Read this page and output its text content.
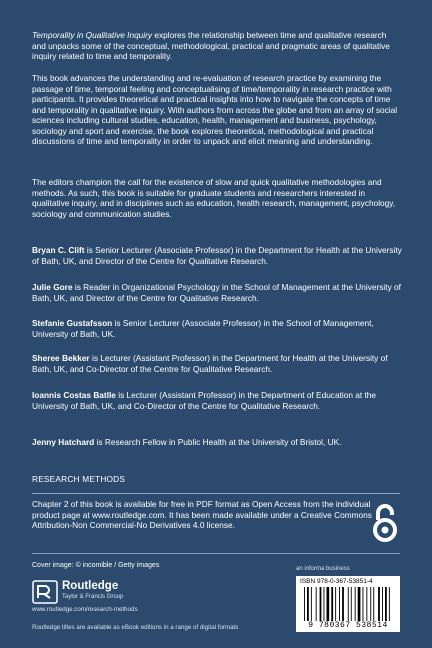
Temporality in Qualitative Inquiry explores the relationship between time and qualitative research and unpacks some of the conceptual, methodological, practical and pragmatic areas of qualitative inquiry related to time and temporality.

This book advances the understanding and re-evaluation of research practice by examining the passage of time, temporal feeling and conceptualising of time/temporality in research practice with participants. It provides theoretical and practical insights into how to navigate the concepts of time and temporality in qualitative inquiry. With authors from across the globe and from an array of social sciences including cultural studies, education, health, management and business, psychology, sociology and sport and exercise, the book explores theoretical, methodological and practical discussions of time and temporality in order to unpack and elicit meaning and understanding.

The editors champion the call for the existence of slow and quick qualitative methodologies and methods. As such, this book is suitable for graduate students and researchers interested in qualitative inquiry, and in disciplines such as education, health research, management, psychology, sociology and communication studies.

Bryan C. Clift is Senior Lecturer (Associate Professor) in the Department for Health at the University of Bath, UK, and Director of the Centre for Qualitative Research.

Julie Gore is Reader in Organizational Psychology in the School of Management at the University of Bath, UK, and Director of the Centre for Qualitative Research.

Stefanie Gustafsson is Senior Lecturer (Associate Professor) in the School of Management, University of Bath, UK.

Sheree Bekker is Lecturer (Assistant Professor) in the Department for Health at the University of Bath, UK, and Co-Director of the Centre for Qualitative Research.

Ioannis Costas Batlle is Lecturer (Assistant Professor) in the Department of Education at the University of Bath, UK, and Co-Director of the Centre for Qualitative Research.

Jenny Hatchard is Research Fellow in Public Health at the University of Bristol, UK.

RESEARCH METHODS

Chapter 2 of this book is available for free in PDF format as Open Access from the individual product page at www.routledge.com. It has been made available under a Creative Commons Attribution-Non Commercial-No Derivatives 4.0 license.

Cover image: © incomible / Getty images
Routledge
Taylor & Francis Group
www.routledge.com/research-methods
Routledge titles are available as eBook editions in a range of digital formats
an informa business
ISBN 978-0-367-53851-4
9 780367 538514
